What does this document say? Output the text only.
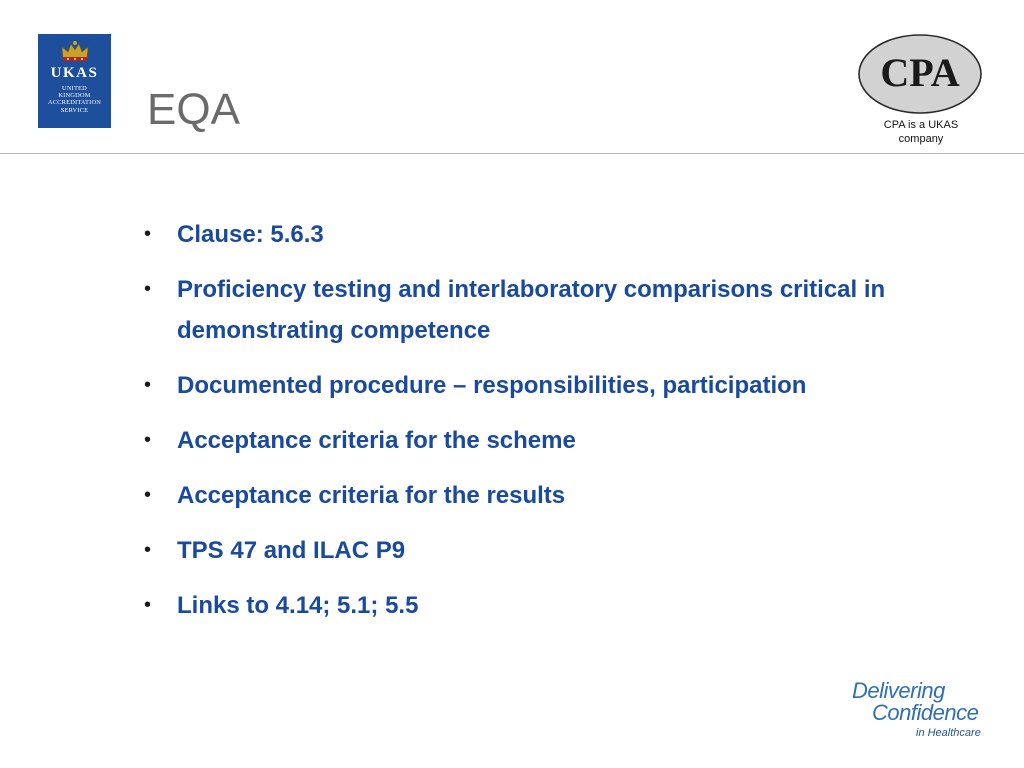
UKAS
UNITED
KINGDOM
ACCREDITATION
SERVICE EQA
CPA
CPA is a UKAS
company
• Clause: 5.6.3
• Proficiency testing and interlaboratory comparisons critical in demonstrating competence
• Documented procedure – responsibilities, participation
• Acceptance criteria for the scheme
• Acceptance criteria for the results
• TPS 47 and ILAC P9
• Links to 4.14; 5.1; 5.5
Delivering
Confidence
in Healthcare
